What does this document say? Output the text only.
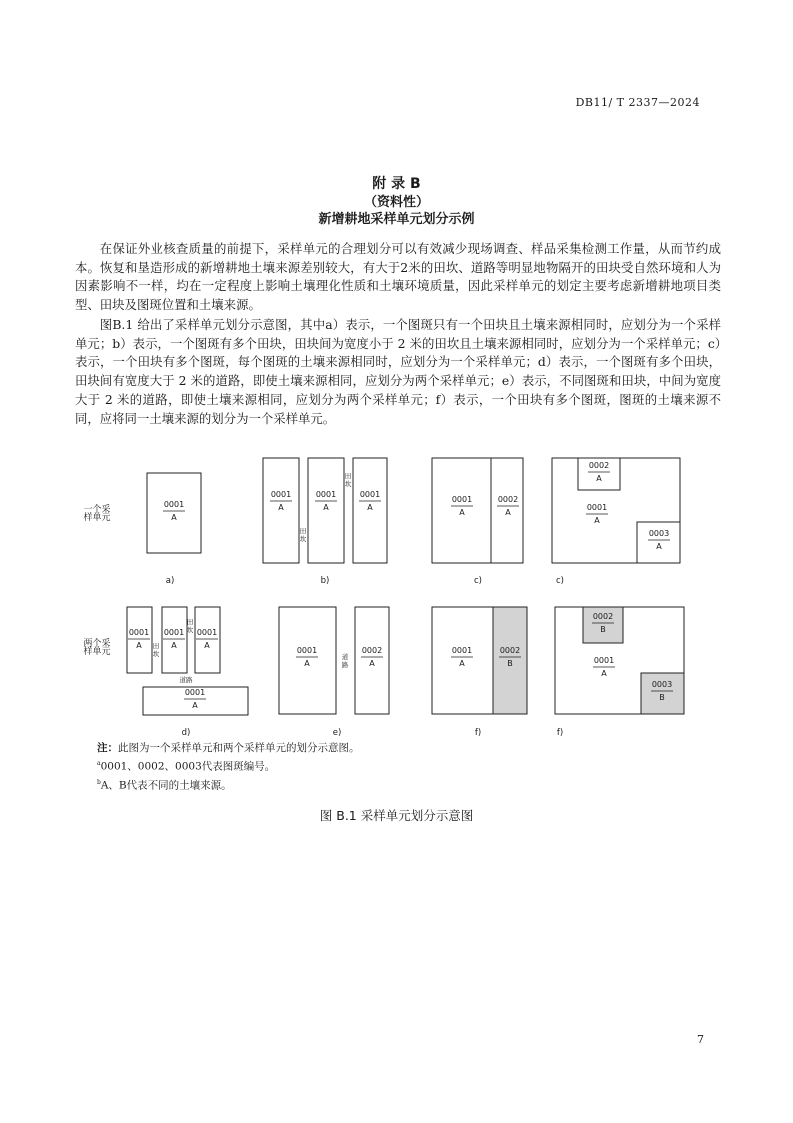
DB11/ T 2337—2024
附 录 B
（资料性）
新增耕地采样单元划分示例

在保证外业核查质量的前提下，采样单元的合理划分可以有效减少现场调查、样品采集检测工作量，从而节约成本。恢复和垦造形成的新增耕地土壤来源差别较大，有大于2米的田坎、道路等明显地物隔开的田块受自然环境和人为因素影响不一样，均在一定程度上影响土壤理化性质和土壤环境质量，因此采样单元的划定主要考虑新增耕地项目类型、田块及图斑位置和土壤来源。

图B.1 给出了采样单元划分示意图，其中a）表示，一个图斑只有一个田块且土壤来源相同时，应划分为一个采样单元；b）表示，一个图斑有多个田块，田块间为宽度小于 2 米的田坎且土壤来源相同时，应划分为一个采样单元；c）表示，一个田块有多个图斑，每个图斑的土壤来源相同时，应划分为一个采样单元；d）表示，一个图斑有多个田块，田块间有宽度大于 2 米的道路，即使土壤来源相同，应划分为两个采样单元；e）表示，不同图斑和田块，中间为宽度大于 2 米的道路，即使土壤来源相同，应划分为两个采样单元；f）表示，一个田块有多个图斑，图斑的土壤来源不同，应将同一土壤来源的划分为一个采样单元。

一个采
样单元
两个采
样单元
0001
A
a)
0001
A
0001
A
0001
A
田
坎
田
坎
b)
0001
A
0002
A
c)
0002
A
0001
A
0003
A
c)
0001
A
0001
A
0001
A
0001
A
田
坎
田
坎
道路
d)
0001
A
0002
A
道
路
e)
0001
A
0002
B
f)
0002
B
0001
A
0003
B
f)
注：此图为一个采样单元和两个采样单元的划分示意图。
$^a$0001、0002、0003代表图斑编号。
$^b$A、B代表不同的土壤来源。
图 B.1 采样单元划分示意图
7
